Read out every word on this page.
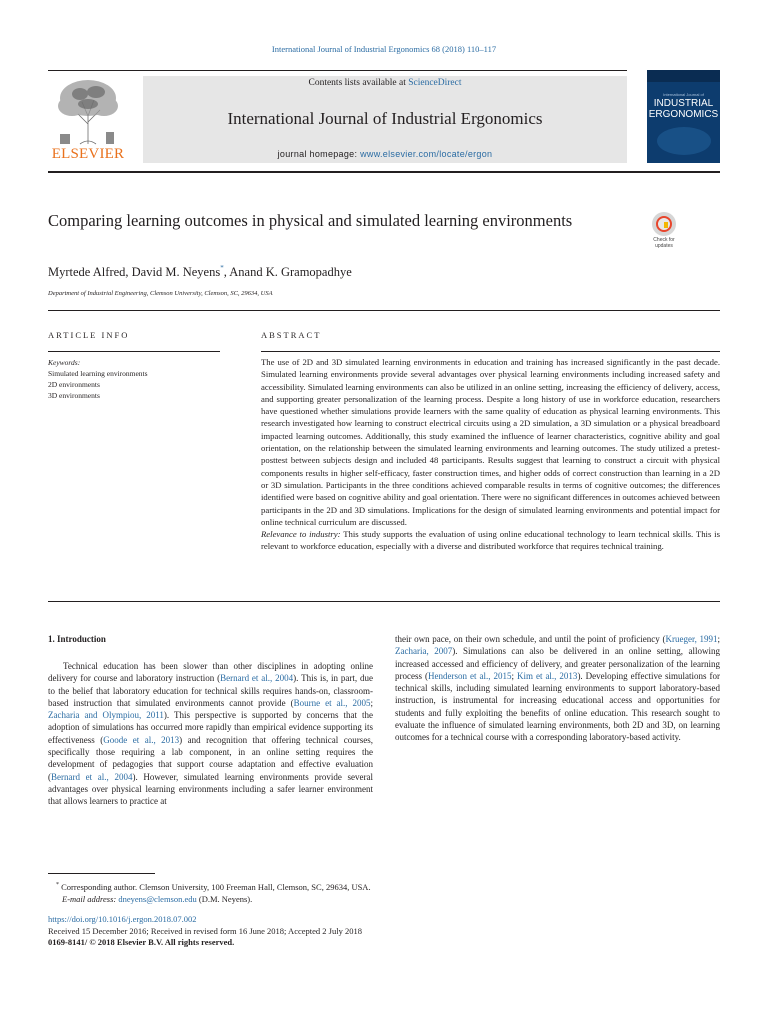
International Journal of Industrial Ergonomics 68 (2018) 110–117
ELSEVIER
Contents lists available at ScienceDirect
International Journal of Industrial Ergonomics
journal homepage: www.elsevier.com/locate/ergon
International Journal of
INDUSTRIAL
ERGONOMICS
Comparing learning outcomes in physical and simulated learning environments
Check for updates
Myrtede Alfred, David M. Neyens*, Anand K. Gramopadhye
Department of Industrial Engineering, Clemson University, Clemson, SC, 29634, USA
ARTICLE INFO	ABSTRACT
Keywords:
Simulated learning environments
2D environments
3D environments
The use of 2D and 3D simulated learning environments in education and training has increased significantly in the past decade. Simulated learning environments provide several advantages over physical learning environments including increased safety and accessibility. Simulated learning environments can also be utilized in an online setting, increasing the efficiency of delivery, access, and supporting greater personalization of the learning process. Despite a long history of use in workforce education, researchers have questioned whether simulations provide learners with the same quality of education as physical learning environments. This research investigated how learning to construct electrical circuits using a 2D simulation, a 3D simulation or a physical breadboard impacted learning outcomes. Additionally, this study examined the influence of learner characteristics, cognitive ability and goal orientation, on the relationship between the simulated learning environments and learning outcomes. The study utilized a pretest-posttest between subjects design and included 48 participants. Results suggest that learning to construct a circuit with physical components results in higher self-efficacy, faster construction times, and higher odds of correct construction than learning in a 2D or 3D simulation. Participants in the three conditions achieved comparable results in terms of cognitive outcomes; the differences identified were based on cognitive ability and goal orientation. There were no significant differences in outcomes achieved between participants in the 2D and 3D simulations. Implications for the design of simulated learning environments and potential impact for online technical curriculum are discussed.
Relevance to industry: This study supports the evaluation of using online educational technology to learn technical skills. This is relevant to workforce education, especially with a diverse and distributed workforce that requires technical training.
1. Introduction
Technical education has been slower than other disciplines in adopting online delivery for course and laboratory instruction (Bernard et al., 2004). This is, in part, due to the belief that laboratory education for technical skills requires hands-on, classroom-based instruction that simulated environments cannot provide (Bourne et al., 2005; Zacharia and Olympiou, 2011). This perspective is supported by concerns that the adoption of simulations has occurred more rapidly than empirical evidence supporting its effectiveness (Goode et al., 2013) and recognition that offering technical courses, specifically those requiring a lab component, in an online setting requires the development of pedagogies that support course adaptation and effective evaluation (Bernard et al., 2004). However, simulated learning environments provide several advantages over physical learning environments including a safer learner environment that allows learners to practice at
their own pace, on their own schedule, and until the point of proficiency (Krueger, 1991; Zacharia, 2007). Simulations can also be delivered in an online setting, allowing increased accessed and efficiency of delivery, and greater personalization of the learning process (Henderson et al., 2015; Kim et al., 2013). Developing effective simulations for technical skills, including simulated learning environments to support laboratory-based instruction, is instrumental for increasing educational access and opportunities for students and fully exploiting the benefits of online education. This research sought to evaluate the influence of simulated learning environments, both 2D and 3D, on learning outcomes for a technical course with a corresponding laboratory-based activity.
* Corresponding author. Clemson University, 100 Freeman Hall, Clemson, SC, 29634, USA.
E-mail address: dneyens@clemson.edu (D.M. Neyens).
https://doi.org/10.1016/j.ergon.2018.07.002
Received 15 December 2016; Received in revised form 16 June 2018; Accepted 2 July 2018
0169-8141/ © 2018 Elsevier B.V. All rights reserved.
